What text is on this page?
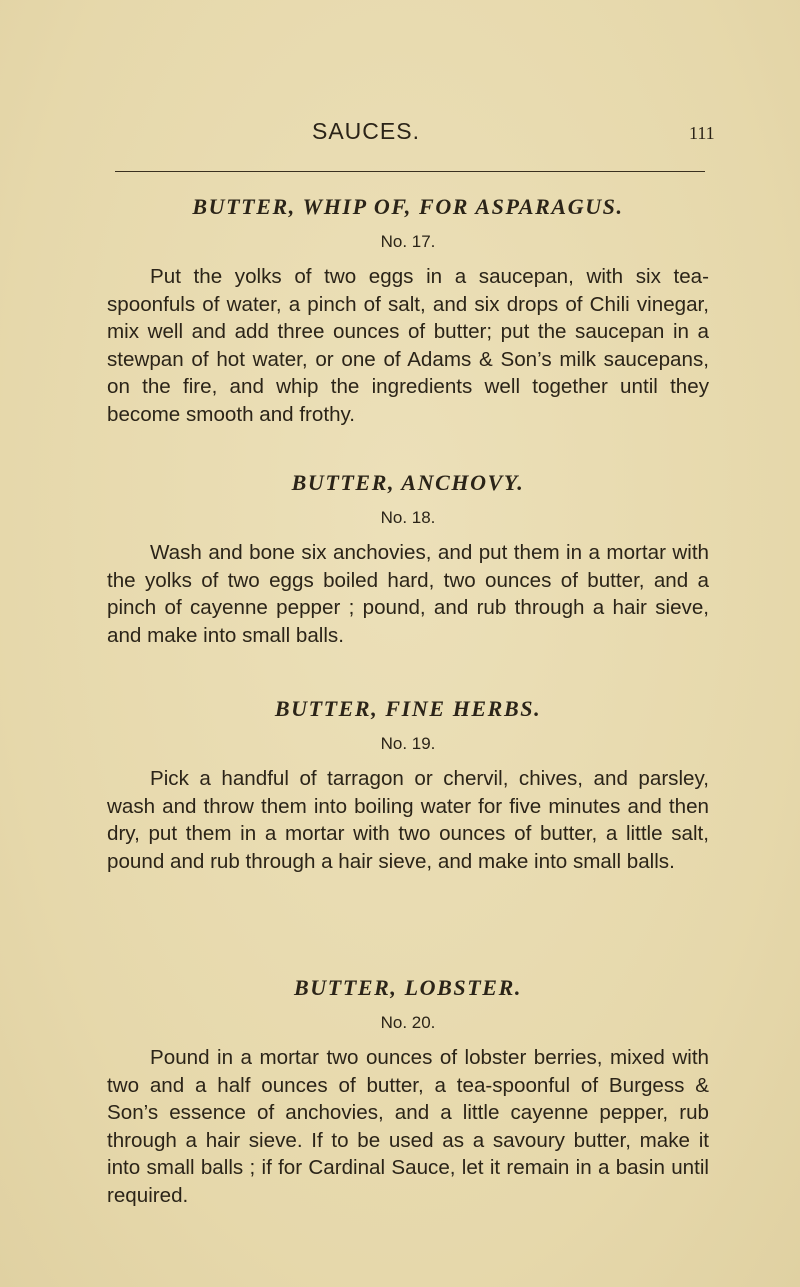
SAUCES.	111
BUTTER, WHIP OF, FOR ASPARAGUS.
No. 17.

Put the yolks of two eggs in a saucepan, with six tea-spoonfuls of water, a pinch of salt, and six drops of Chili vinegar, mix well and add three ounces of butter; put the saucepan in a stewpan of hot water, or one of Adams & Son’s milk saucepans, on the fire, and whip the ingredients well together until they become smooth and frothy.

BUTTER, ANCHOVY.
No. 18.

Wash and bone six anchovies, and put them in a mortar with the yolks of two eggs boiled hard, two ounces of butter, and a pinch of cayenne pepper ; pound, and rub through a hair sieve, and make into small balls.

BUTTER, FINE HERBS.
No. 19.

Pick a handful of tarragon or chervil, chives, and parsley, wash and throw them into boiling water for five minutes and then dry, put them in a mortar with two ounces of butter, a little salt, pound and rub through a hair sieve, and make into small balls.

BUTTER, LOBSTER.
No. 20.

Pound in a mortar two ounces of lobster berries, mixed with two and a half ounces of butter, a tea-spoonful of Burgess & Son’s essence of anchovies, and a little cayenne pepper, rub through a hair sieve. If to be used as a savoury butter, make it into small balls ; if for Cardinal Sauce, let it remain in a basin until required.
